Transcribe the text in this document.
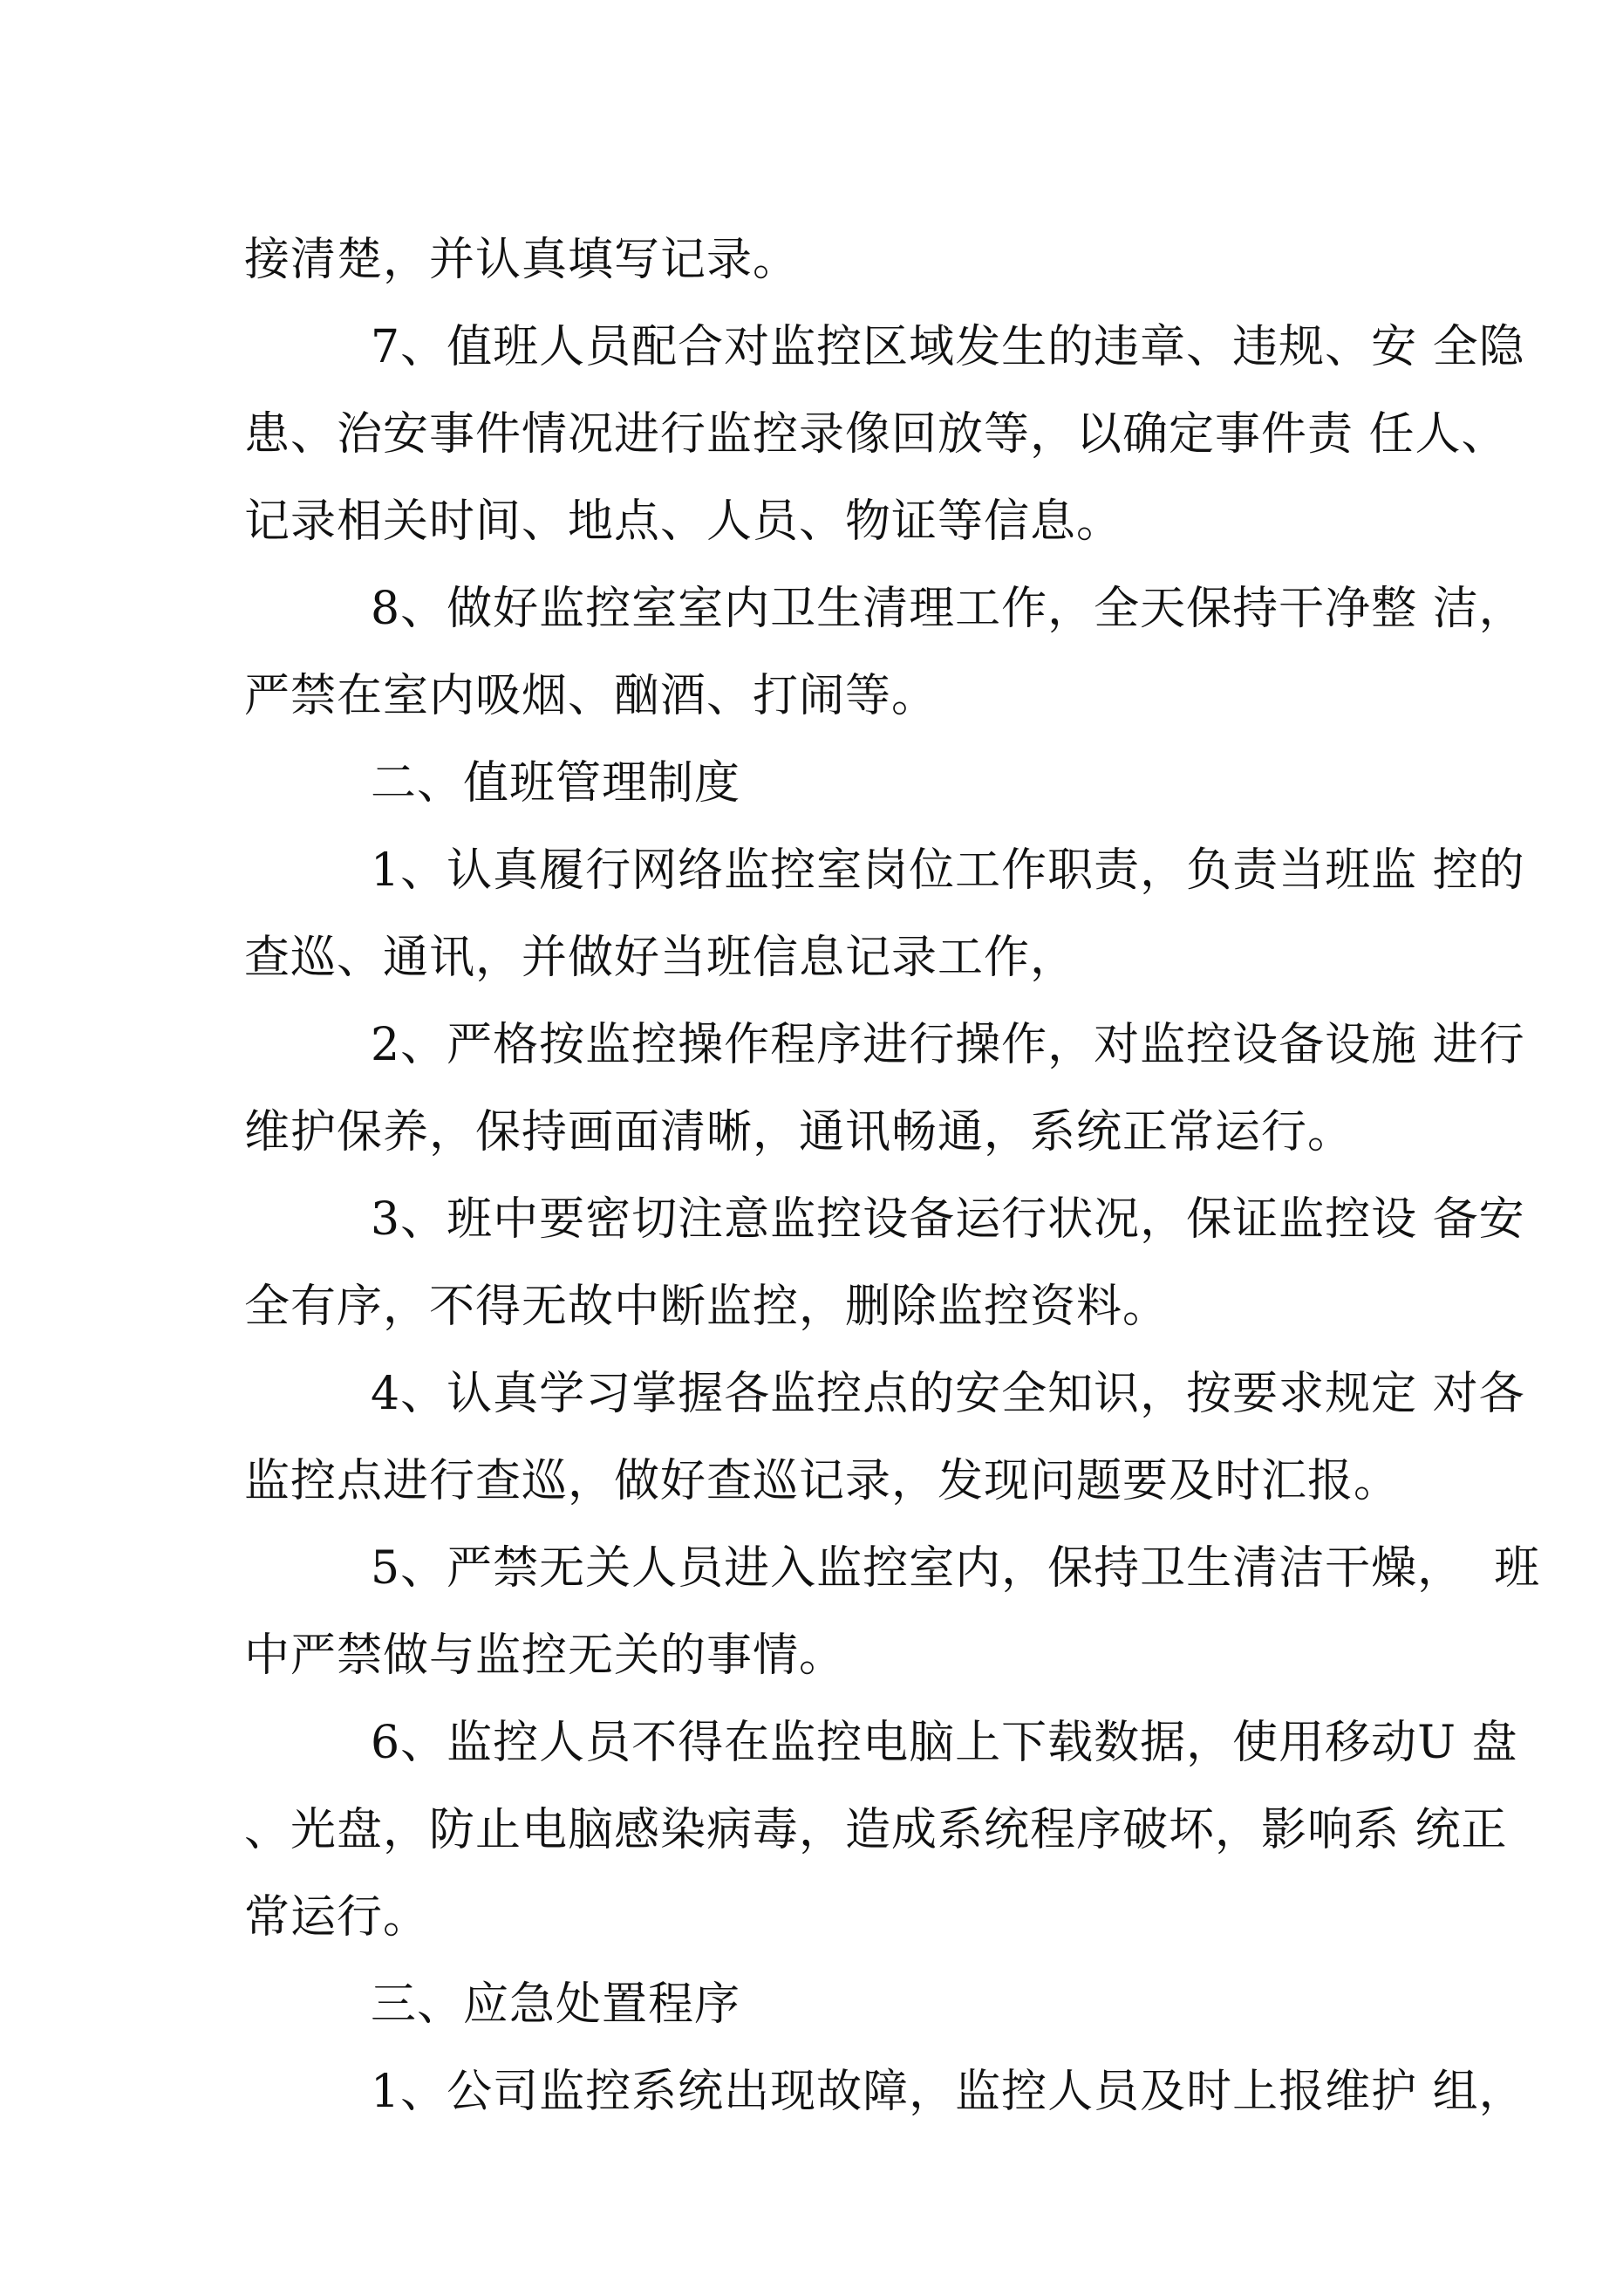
接清楚，并认真填写记录。
7、值班人员配合对监控区域发生的违章、违规、安 全隐
患、治安事件情况进行监控录像回放等，以确定事件责 任人、
记录相关时间、地点、人员、物证等信息。
8、做好监控室室内卫生清理工作，全天保持干净整 洁，
严禁在室内吸烟、酗酒、打闹等。
二、值班管理制度
1、认真履行网络监控室岗位工作职责，负责当班监 控的
查巡、通讯，并做好当班信息记录工作，
2、严格按监控操作程序进行操作，对监控设备设施 进行
维护保养，保持画面清晰，通讯畅通，系统正常运行。
3、班中要密切注意监控设备运行状况，保证监控设 备安
全有序，不得无故中断监控，删除监控资料。
4、认真学习掌握各监控点的安全知识，按要求规定 对各
监控点进行查巡，做好查巡记录，发现问题要及时汇报。
5、严禁无关人员进入监控室内，保持卫生清洁干燥，  班
中严禁做与监控无关的事情。
6、监控人员不得在监控电脑上下载数据，使用移动U 盘
、光盘，防止电脑感染病毒，造成系统程序破坏，影响系 统正
常运行。
三、应急处置程序
1、公司监控系统出现故障，监控人员及时上报维护 组，
